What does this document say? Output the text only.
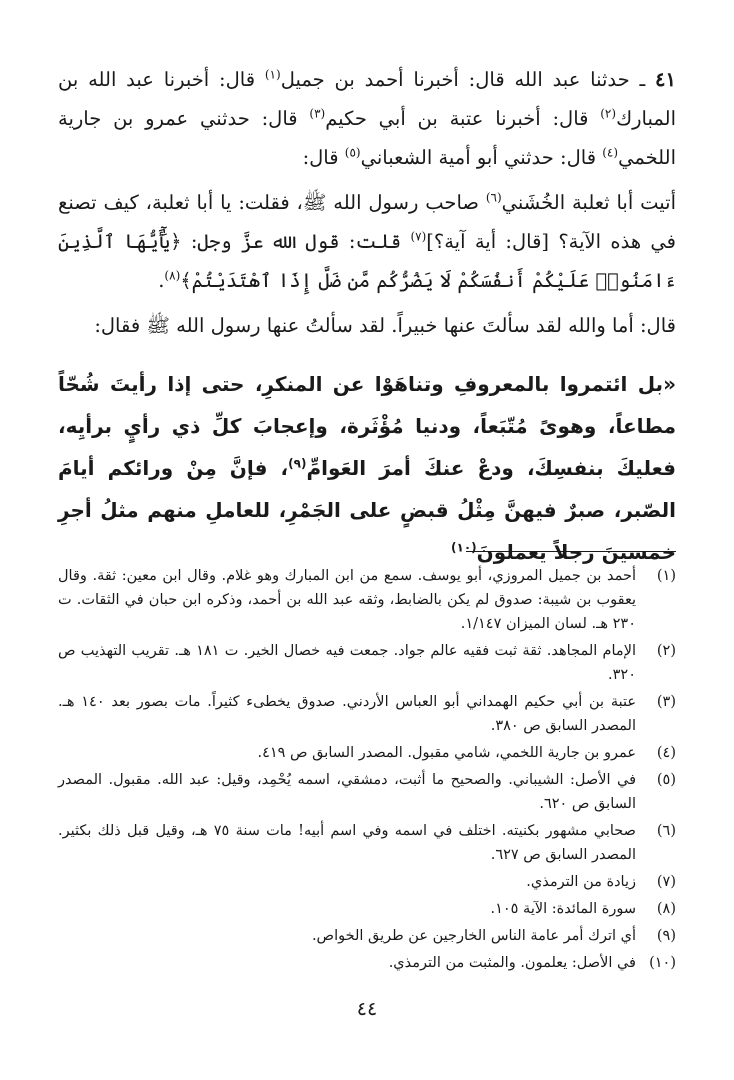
٤١ ـ حدثنا عبد الله قال: أخبرنا أحمد بن جميل$^{(١)}$ قال: أخبرنا عبد الله بن المبارك$^{(٢)}$ قال: أخبرنا عتبة بن أبي حكيم$^{(٣)}$ قال: حدثني عمرو بن جارية اللخمي$^{(٤)}$ قال: حدثني أبو أمية الشعباني$^{(٥)}$ قال:

أتيت أبا ثعلبة الخُشَني$^{(٦)}$ صاحب رسول الله ﷺ، فقلت: يا أبا ثعلبة، كيف تصنع في هذه الآية؟ [قال: أية آية؟]$^{(٧)}$ قلت: قول الله عزَّ وجل: ﴿يَٰٓأَيُّهَا ٱلَّذِينَ ءَامَنُوا۟ عَلَيْكُمْ أَنفُسَكُمْ لَا يَضُرُّكُم مَّن ضَلَّ إِذَا ٱهْتَدَيْتُمْ﴾$^{(٨)}$.

قال: أما والله لقد سألتَ عنها خبيراً. لقد سألتُ عنها رسول الله ﷺ فقال:

«بل ائتمروا بالمعروفِ وتناهَوْا عن المنكرِ، حتى إذا رأيتَ شُحّاً مطاعاً، وهوىً مُتّبَعاً، ودنيا مُؤْثَرة، وإعجابَ كلِّ ذي رأيٍ برأيِه، فعليكَ بنفسِكَ، ودعْ عنكَ أمرَ العَوامِّ$^{(٩)}$، فإنَّ مِنْ ورائكم أيامَ الصّبر، صبرٌ فيهنَّ مِثْلُ قبضٍ على الجَمْرِ، للعاملِ منهم مثلُ أجرِ خمسينَ رجلاً يعملونَ$^{(١٠)}$

(١)
أحمد بن جميل المروزي، أبو يوسف. سمع من ابن المبارك وهو غلام. وقال ابن معين: ثقة. وقال يعقوب بن شيبة: صدوق لم يكن بالضابط، وثقه عبد الله بن أحمد، وذكره ابن حبان في الثقات. ت ٢٣٠ هـ. لسان الميزان ١/١٤٧.
(٢)
الإمام المجاهد. ثقة ثبت فقيه عالم جواد. جمعت فيه خصال الخير. ت ١٨١ هـ. تقريب التهذيب ص ٣٢٠.
(٣)
عتبة بن أبي حكيم الهمداني أبو العباس الأردني. صدوق يخطىء كثيراً. مات بصور بعد ١٤٠ هـ. المصدر السابق ص ٣٨٠.
(٤)
عمرو بن جارية اللخمي، شامي مقبول. المصدر السابق ص ٤١٩.
(٥)
في الأصل: الشيباني. والصحيح ما أثبت، دمشقي، اسمه يُحْمِد، وقيل: عبد الله. مقبول. المصدر السابق ص ٦٢٠.
(٦)
صحابي مشهور بكنيته. اختلف في اسمه وفي اسم أبيه! مات سنة ٧٥ هـ، وقيل قبل ذلك بكثير. المصدر السابق ص ٦٢٧.
(٧)
زيادة من الترمذي.
(٨)
سورة المائدة: الآية ١٠٥.
(٩)
أي اترك أمر عامة الناس الخارجين عن طريق الخواص.
(١٠)
في الأصل: يعلمون. والمثبت من الترمذي.
٤٤
